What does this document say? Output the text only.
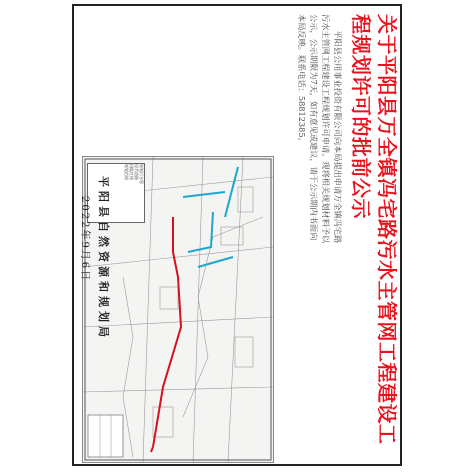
关于平阳县万全镇冯宅路污水主管网工程建设工程规划许可的批前公示
平阳县公用事业投资有限公司向本局提出申请万全镇冯宅路污水主管网工程建设工程规划许可申请。现将相关规划材料予以公示，公示期限为7天，如有意见或建议，请于公示期内书面向本局反映。联系电话：58812385。
规划污水管
现状道路
用地红线
规划范围
平阳县自然资源和规划局
2022年9月6日
